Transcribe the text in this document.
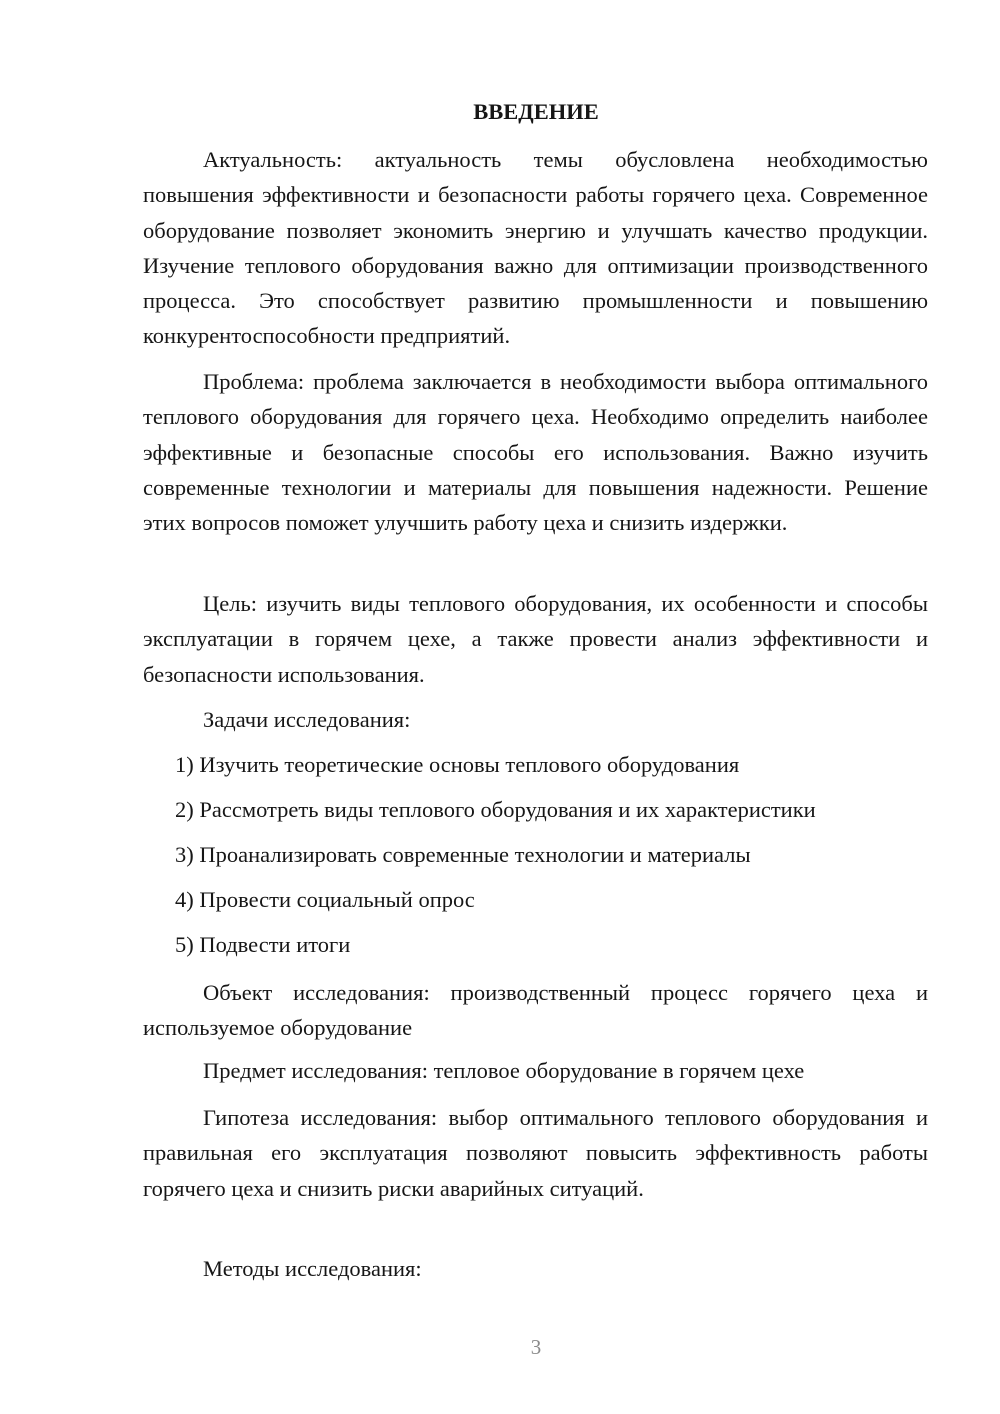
ВВЕДЕНИЕ

Актуальность: актуальность темы обусловлена необходимостью повышения эффективности и безопасности работы горячего цеха. Современное оборудование позволяет экономить энергию и улучшать качество продукции. Изучение теплового оборудования важно для оптимизации производственного процесса. Это способствует развитию промышленности и повышению конкурентоспособности предприятий.

Проблема: проблема заключается в необходимости выбора оптимального теплового оборудования для горячего цеха. Необходимо определить наиболее эффективные и безопасные способы его использования. Важно изучить современные технологии и материалы для повышения надежности. Решение этих вопросов поможет улучшить работу цеха и снизить издержки.

Цель: изучить виды теплового оборудования, их особенности и способы эксплуатации в горячем цехе, а также провести анализ эффективности и безопасности использования.

Задачи исследования:

1) Изучить теоретические основы теплового оборудования

2) Рассмотреть виды теплового оборудования и их характеристики

3) Проанализировать современные технологии и материалы

4) Провести социальный опрос

5) Подвести итоги

Объект исследования: производственный процесс горячего цеха и используемое оборудование

Предмет исследования: тепловое оборудование в горячем цехе

Гипотеза исследования: выбор оптимального теплового оборудования и правильная его эксплуатация позволяют повысить эффективность работы горячего цеха и снизить риски аварийных ситуаций.

Методы исследования:

3
